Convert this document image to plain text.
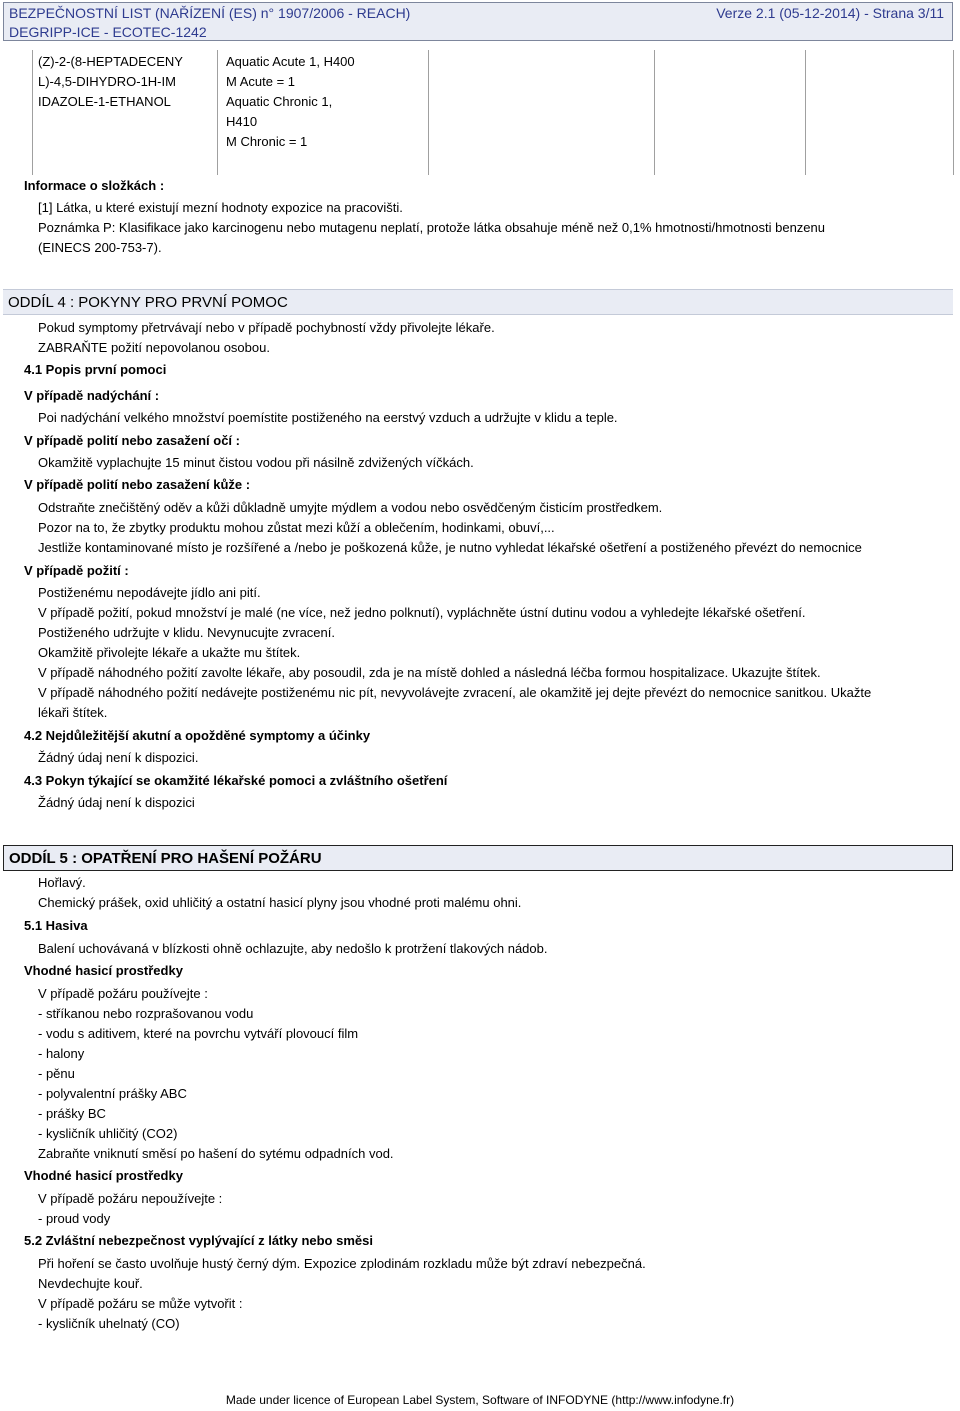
BEZPEČNOSTNÍ LIST (NAŘÍZENÍ (ES) n° 1907/2006 - REACH)
DEGRIPP-ICE - ECOTEC-1242
Verze 2.1 (05-12-2014) - Strana 3/11
(Z)-2-(8-HEPTADECENY
L)-4,5-DIHYDRO-1H-IM
IDAZOLE-1-ETHANOL
Aquatic Acute 1, H400
M Acute = 1
Aquatic Chronic 1,
H410
M Chronic = 1
Informace o složkách :
[1] Látka, u které existují mezní hodnoty expozice na pracovišti.
Poznámka P: Klasifikace jako karcinogenu nebo mutagenu neplatí, protože látka obsahuje méně než 0,1% hmotnosti/hmotnosti benzenu
(EINECS 200-753-7).
ODDÍL 4 : POKYNY PRO PRVNÍ POMOC
Pokud symptomy přetrvávají nebo v případě pochybností vždy přivolejte lékaře.
ZABRAŇTE požití nepovolanou osobou.
4.1 Popis první pomoci
V případě nadýchání :
Poi nadýchání velkého množství poemístite postiženého na eerstvý vzduch a udržujte v klidu a teple.
V případě polití nebo zasažení očí :
Okamžitě vyplachujte 15 minut čistou vodou při násilně zdvižených víčkách.
V případě polití nebo zasažení kůže :
Odstraňte znečištěný oděv a kůži důkladně umyjte mýdlem a vodou nebo osvědčeným čisticím prostředkem.
Pozor na to, že zbytky produktu mohou zůstat mezi kůží a oblečením, hodinkami, obuví,...
Jestliže kontaminované místo je rozšířené a /nebo je poškozená kůže, je nutno vyhledat lékařské ošetření a postiženého převézt do nemocnice
V případě požití :
Postiženému nepodávejte jídlo ani pití.
V případě požití, pokud množství je malé (ne více, než jedno polknutí), vypláchněte ústní dutinu vodou a vyhledejte lékařské ošetření.
Postiženého udržujte v klidu. Nevynucujte zvracení.
Okamžitě přivolejte lékaře a ukažte mu štítek.
V případě náhodného požití zavolte lékaře, aby posoudil, zda je na místě dohled a následná léčba formou hospitalizace. Ukazujte štítek.
V případě náhodného požití nedávejte postiženému nic pít, nevyvolávejte zvracení, ale okamžitě jej dejte převézt do nemocnice sanitkou. Ukažte
lékaři štítek.
4.2 Nejdůležitější akutní a opožděné symptomy a účinky
Žádný údaj není k dispozici.
4.3 Pokyn týkající se okamžité lékařské pomoci a zvláštního ošetření
Žádný údaj není k dispozici
ODDÍL 5 : OPATŘENÍ PRO HAŠENÍ POŽÁRU
Hořlavý.
Chemický prášek, oxid uhličitý a ostatní hasicí plyny jsou vhodné proti malému ohni.
5.1 Hasiva
Balení uchovávaná v blízkosti ohně ochlazujte, aby nedošlo k protržení tlakových nádob.
Vhodné hasicí prostředky
V případě požáru používejte :
- stříkanou nebo rozprašovanou vodu
- vodu s aditivem, které na povrchu vytváří plovoucí film
- halony
- pěnu
- polyvalentní prášky ABC
- prášky BC
- kysličník uhličitý (CO2)
Zabraňte vniknutí směsí po hašení do sytému odpadních vod.
Vhodné hasicí prostředky
V případě požáru nepoužívejte :
- proud vody
5.2 Zvláštní nebezpečnost vyplývající z látky nebo směsi
Při hoření se často uvolňuje hustý černý dým. Expozice zplodinám rozkladu může být zdraví nebezpečná.
Nevdechujte kouř.
V případě požáru se může vytvořit :
- kysličník uhelnatý (CO)
Made under licence of European Label System, Software of INFODYNE (http://www.infodyne.fr)
